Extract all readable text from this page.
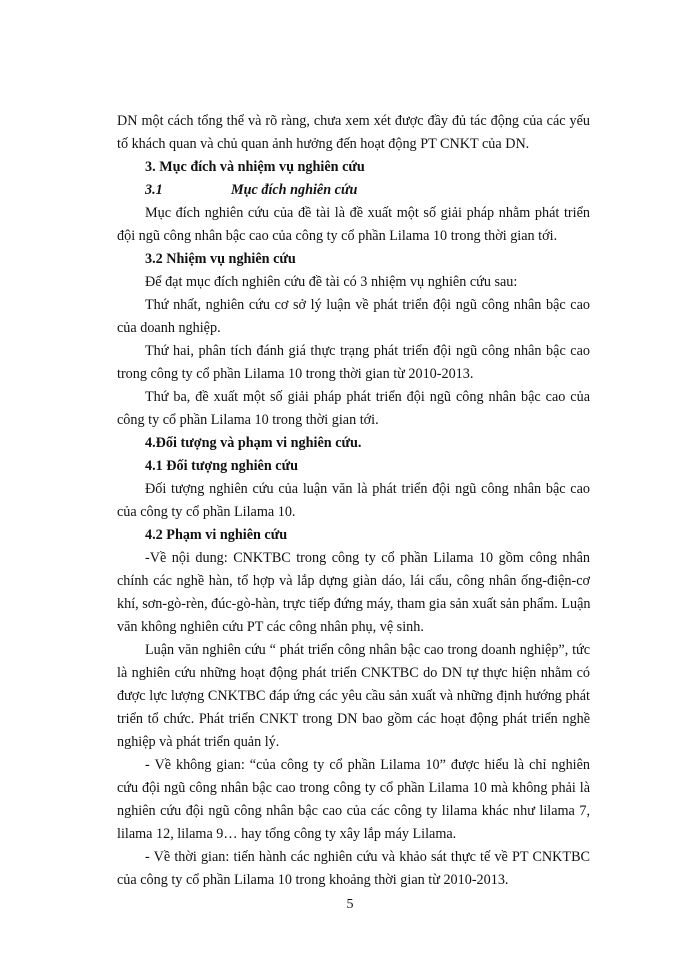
DN một cách tổng thể và rõ ràng, chưa xem xét được đầy đủ tác động của các yếu
tố khách quan và chủ quan ảnh hưởng đến hoạt động PT CNKT của DN.
3. Mục đích và nhiệm vụ nghiên cứu
3.1	Mục đích nghiên cứu
Mục đích nghiên cứu của đề tài là đề xuất một số giải pháp nhằm phát triển
đội ngũ công nhân bậc cao của công ty cổ phần Lilama 10 trong thời gian tới.
3.2 Nhiệm vụ nghiên cứu
Để đạt mục đích nghiên cứu đề tài có 3 nhiệm vụ nghiên cứu sau:
Thứ nhất, nghiên cứu cơ sở lý luận về phát triển đội ngũ công nhân bậc cao
của doanh nghiệp.
Thứ hai, phân tích đánh giá thực trạng phát triển đội ngũ công nhân bậc cao
trong công ty cổ phần Lilama 10 trong thời gian từ 2010-2013.
Thứ ba, đề xuất một số giải pháp phát triển đội ngũ công nhân bậc cao của
công ty cổ phần Lilama 10 trong thời gian tới.
4.Đối tượng và phạm vi nghiên cứu.
4.1 Đối tượng nghiên cứu
Đối tượng nghiên cứu của luận văn là phát triển đội ngũ công nhân bậc cao
của công ty cổ phần Lilama 10.
4.2 Phạm vi nghiên cứu
-Về nội dung: CNKTBC trong công ty cổ phần Lilama 10 gồm công nhân
chính các nghề hàn, tổ hợp và lắp dựng giàn dáo, lái cẩu, công nhân ống-điện-cơ
khí, sơn-gò-rèn, đúc-gò-hàn, trực tiếp đứng máy, tham gia sản xuất sản phẩm. Luận
văn không nghiên cứu PT các công nhân phụ, vệ sinh.
Luận văn nghiên cứu “ phát triển công nhân bậc cao trong doanh nghiệp”, tức
là nghiên cứu những hoạt động phát triển CNKTBC do DN tự thực hiện nhằm có
được lực lượng CNKTBC đáp ứng các yêu cầu sản xuất và những định hướng phát
triển tổ chức. Phát triển CNKT trong DN bao gồm các hoạt động phát triển nghề
nghiệp và phát triển quản lý.
- Về không gian: “của công ty cổ phần Lilama 10” được hiểu là chỉ nghiên
cứu đội ngũ công nhân bậc cao trong công ty cổ phần Lilama 10 mà không phải là
nghiên cứu đội ngũ công nhân bậc cao của các công ty lilama khác như lilama 7,
lilama 12, lilama 9… hay tổng công ty xây lắp máy Lilama.
- Về thời gian: tiến hành các nghiên cứu và khảo sát thực tế về PT CNKTBC
của công ty cổ phần Lilama 10 trong khoảng thời gian từ 2010-2013.
5
